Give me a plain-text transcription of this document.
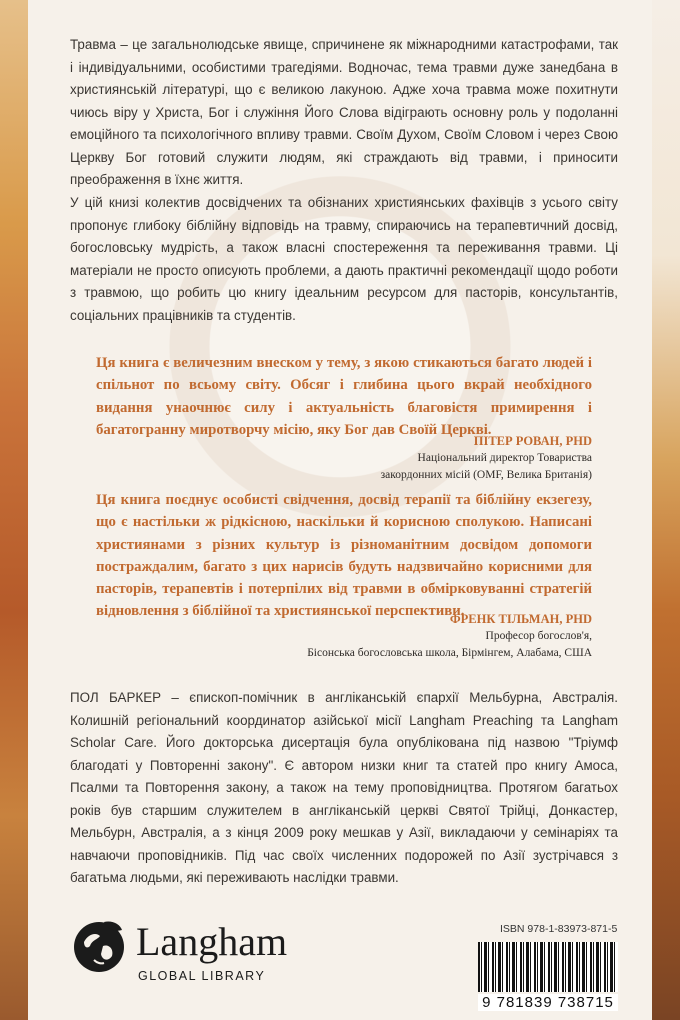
Травма – це загальнолюдське явище, спричинене як міжнародними катастрофами, так і індивідуальними, особистими трагедіями. Водночас, тема травми дуже занедбана в християнській літературі, що є великою лакуною. Адже хоча травма може похитнути чиюсь віру у Христа, Бог і служіння Його Слова відіграють основну роль у подоланні емоційного та психологічного впливу травми. Своїм Духом, Своїм Словом і через Свою Церкву Бог готовий служити людям, які страждають від травми, і приносити преображення в їхнє життя.

У цій книзі колектив досвідчених та обізнаних християнських фахівців з усього світу пропонує глибоку біблійну відповідь на травму, спираючись на терапевтичний досвід, богословську мудрість, а також власні спостереження та переживання травми. Ці матеріали не просто описують проблеми, а дають практичні рекомендації щодо роботи з травмою, що робить цю книгу ідеальним ресурсом для пасторів, консультантів, соціальних працівників та студентів.

Ця книга є величезним внеском у тему, з якою стикаються багато людей і спільнот по всьому світу. Обсяг і глибина цього вкрай необхідного видання унаочнює силу і актуальність благовістя примирення і багатогранну миротворчу місію, яку Бог дав Своїй Церкві.

ПІТЕР РОВАН, PHD
Національний директор Товариства
закордонних місій (OMF, Велика Британія)

Ця книга поєднує особисті свідчення, досвід терапії та біблійну екзегезу, що є настільки ж рідкісною, наскільки й корисною сполукою. Написані християнами з різних культур із різноманітним досвідом допомоги постраждалим, багато з цих нарисів будуть надзвичайно корисними для пасторів, терапевтів і потерпілих від травми в обмірковуванні стратегій відновлення з біблійної та християнської перспективи.

ФРЕНК ТІЛЬМАН, PHD
Професор богослов'я,
Бісонська богословська школа, Бірмінгем, Алабама, США

ПОЛ БАРКЕР – єпископ-помічник в англіканській єпархії Мельбурна, Австралія. Колишній регіональний координатор азійської місії Langham Preaching та Langham Scholar Care. Його докторська дисертація була опублікована під назвою "Тріумф благодаті у Повторенні закону". Є автором низки книг та статей про книгу Амоса, Псалми та Повторення закону, а також на тему проповідництва. Протягом багатьох років був старшим служителем в англіканській церкві Святої Трійці, Донкастер, Мельбурн, Австралія, а з кінця 2009 року мешкав у Азії, викладаючи у семінаріях та навчаючи проповідників. Під час своїх численних подорожей по Азії зустрічався з багатьма людьми, які переживають наслідки травми.

Langham
GLOBAL LIBRARY
ISBN 978-1-83973-871-5
9 781839 738715
